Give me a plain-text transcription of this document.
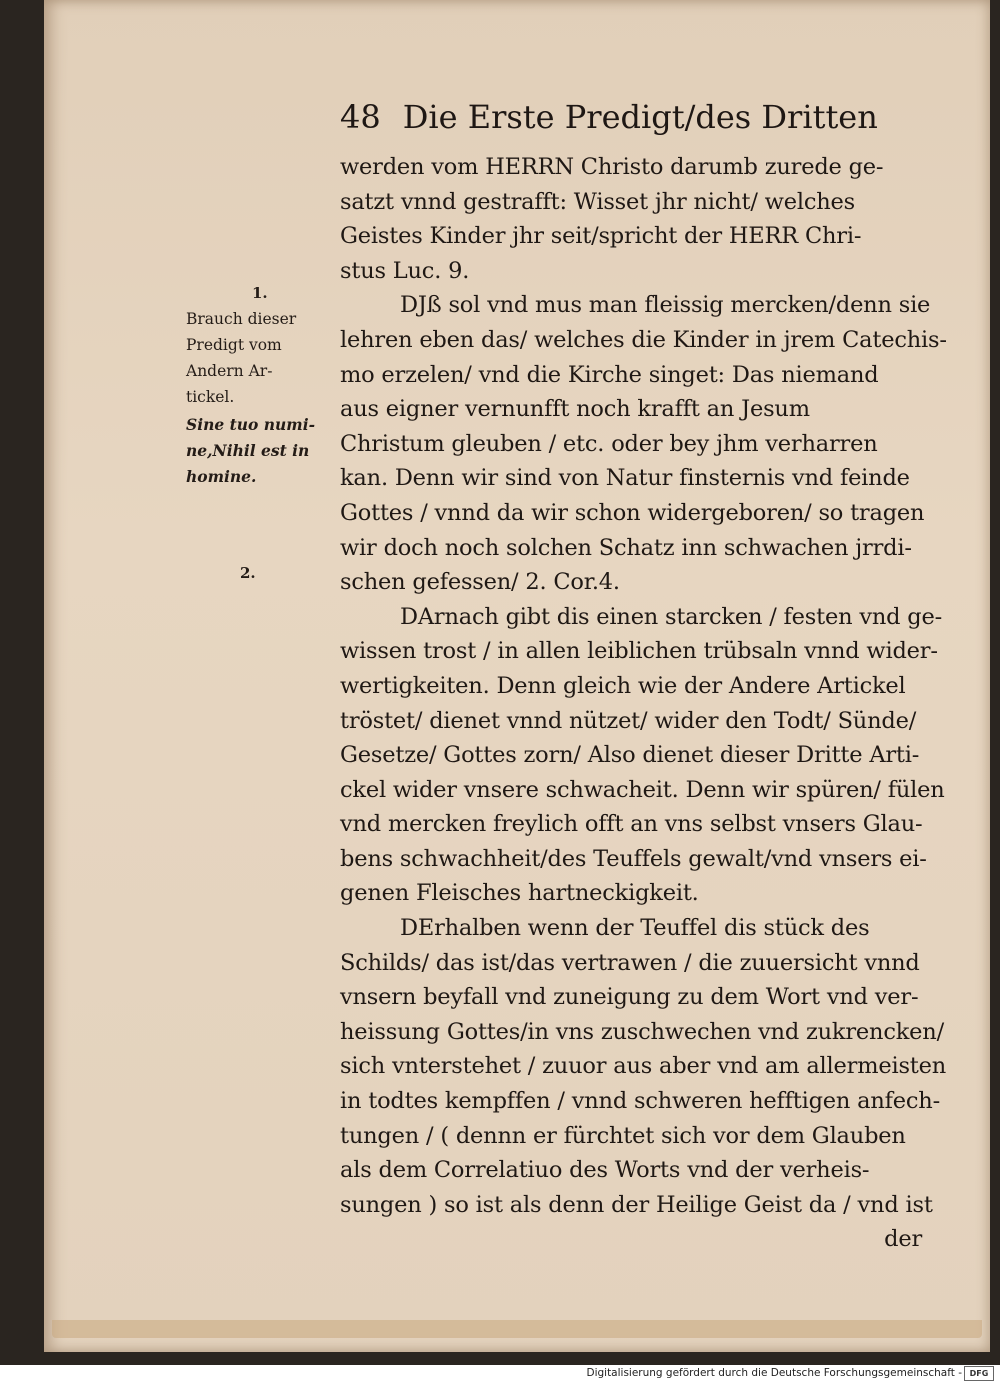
48 Die Erste Predigt/des Dritten
1.
Brauch dieser
Predigt vom
Andern Ar-
tickel.
Sine tuo numi-
ne,Nihil est in
homine.
2.
werden vom HERRN Christo darumb zurede ge-
satzt vnnd gestrafft: Wisset jhr nicht/ welches
Geistes Kinder jhr seit/spricht der HERR Chri-
stus Luc. 9.
DJß sol vnd mus man fleissig mercken/denn sie
lehren eben das/ welches die Kinder in jrem Catechis-
mo erzelen/ vnd die Kirche singet: Das niemand
aus eigner vernunfft noch krafft an Jesum
Christum gleuben / etc. oder bey jhm verharren
kan. Denn wir sind von Natur finsternis vnd feinde
Gottes / vnnd da wir schon widergeboren/ so tragen
wir doch noch solchen Schatz inn schwachen jrrdi-
schen gefessen/ 2. Cor.4.
DArnach gibt dis einen starcken / festen vnd ge-
wissen trost / in allen leiblichen trübsaln vnnd wider-
wertigkeiten. Denn gleich wie der Andere Artickel
tröstet/ dienet vnnd nützet/ wider den Todt/ Sünde/
Gesetze/ Gottes zorn/ Also dienet dieser Dritte Arti-
ckel wider vnsere schwacheit. Denn wir spüren/ fülen
vnd mercken freylich offt an vns selbst vnsers Glau-
bens schwachheit/des Teuffels gewalt/vnd vnsers ei-
genen Fleisches hartneckigkeit.
DErhalben wenn der Teuffel dis stück des
Schilds/ das ist/das vertrawen / die zuuersicht vnnd
vnsern beyfall vnd zuneigung zu dem Wort vnd ver-
heissung Gottes/in vns zuschwechen vnd zukrencken/
sich vnterstehet / zuuor aus aber vnd am allermeisten
in todtes kempffen / vnnd schweren hefftigen anfech-
tungen / ( dennn er fürchtet sich vor dem Glauben
als dem Correlatiuo des Worts vnd der verheis-
sungen ) so ist als denn der Heilige Geist da / vnd ist
der
Digitalisierung gefördert durch die Deutsche Forschungsgemeinschaft - DFG
